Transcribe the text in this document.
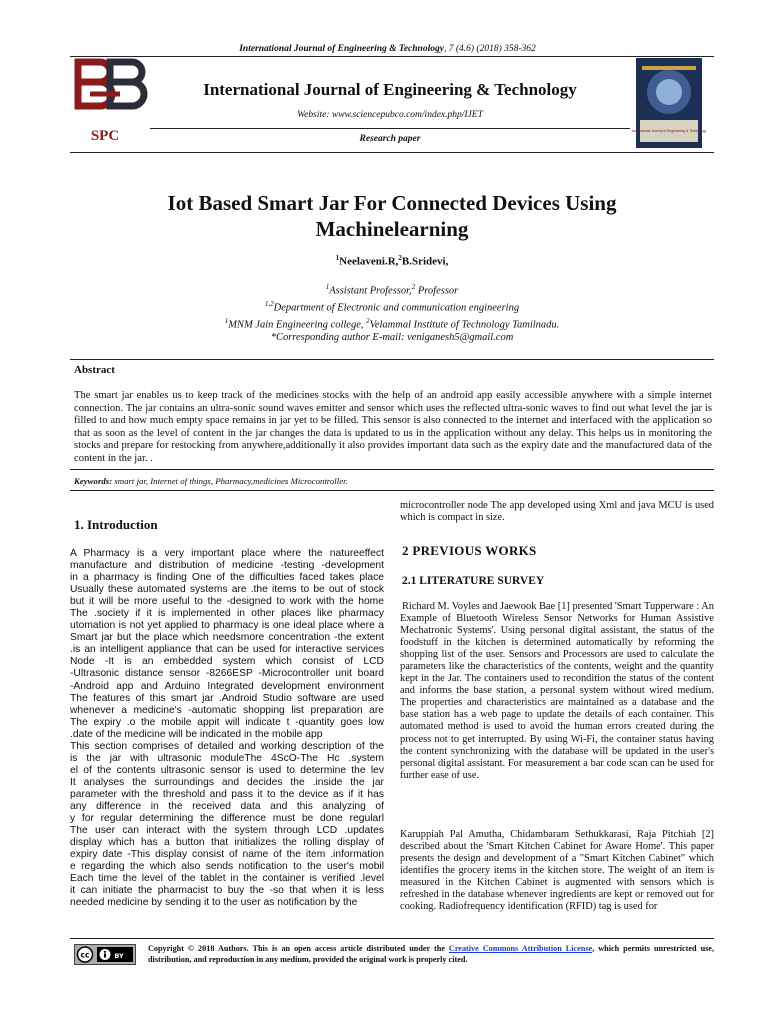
International Journal of Engineering & Technology, 7 (4.6) (2018) 358-362
SPC
International Journal of Engineering & Technology
Website: www.sciencepubco.com/index.php/IJET
Research paper
International Journal of Engineering & Technology
Iot Based Smart Jar For Connected Devices Using
Machinelearning
$^1$Neelaveni.R,$^2$B.Sridevi,
$^1$Assistant Professor,$^2$ Professor
$^{1,2}$Department of Electronic and communication engineering
$^1$MNM Jain Engineering college, $^2$Velammal Institute of Technology Tamilnadu.
*Corresponding author E-mail: veniganesh5@gmail.com
Abstract
The smart jar enables us to keep track of the medicines stocks with the help of an android app easily accessible anywhere with a simple internet connection. The jar contains an ultra-sonic sound waves emitter and sensor which uses the reflected ultra-sonic waves to find out what level the jar is filled to and how much empty space remains in jar yet to be filled. This sensor is also connected to the internet and interfaced with the application so that as soon as the level of content in the jar changes the data is updated to us in the application without any delay. This helps us in monitoring the stocks and prepare for restocking from anywhere,additionally it also provides important data such as the expiry date and the manufactured data of the content in the jar. .
Keywords: smart jar, Internet of things, Pharmacy,medicines Microcontroller.
1. Introduction
A Pharmacy is a very important place where the natureeffect
manufacture and distribution of medicine -testing -development
in a pharmacy is finding One of the difficulties faced takes place
Usually these automated systems are .the items to be out of stock
but it will be more useful to the -designed to work with the home
The .society if it is implemented in other places like pharmacy
utomation is not yet applied to pharmacy is one ideal place where a
Smart jar but the place which needsmore concentration -the extent
.is an intelligent appliance that can be used for interactive services
Node -It is an embedded system which consist of LCD
-Ultrasonic distance sensor -8266ESP -Microcontroller unit board
-Android app and Arduino Integrated development environment
The features of this smart jar .Android Studio software are used
whenever a medicine's -automatic shopping list preparation are
The expiry .o the mobile appit will indicate t -quantity goes low
.date of the medicine will be indicated in the mobile app
This section comprises of detailed and working description of the
is the jar with ultrasonic moduleThe 4ScO-The Hc .system
el of the contents ultrasonic sensor is used to determine the lev
It analyses the surroundings and decides the .inside the jar
parameter with the threshold and pass it to the device as if it has
any difference in the received data and this analyzing of
y for regular determining the difference must be done regularl
The user can interact with the system through LCD .updates
display which has a button that initializes the rolling display of
expiry date -This display consist of name of the item .information
e regarding the which also sends notification to the user's mobil
Each time the level of the tablet in the container is verified .level
it can initiate the pharmacist to buy the -so that when it is less
needed medicine by sending it to the user as notification by the
microcontroller node The app developed using Xml and java MCU is used which is compact in size.
2 PREVIOUS WORKS
2.1 LITERATURE SURVEY
Richard M. Voyles and Jaewook Bae [1] presented 'Smart Tupperware : An Example of Bluetooth Wireless Sensor Networks for Human Assistive Mechatronic Systems'. Using personal digital assistant, the status of the foodstuff in the kitchen is determined automatically by reforming the shopping list of the user. Sensors and Processors are used to calculate the parameters like the characteristics of the contents, weight and the quantity kept in the Jar. The containers used to recondition the status of the content and informs the base station, a personal system without wired medium. The properties and characteristics are maintained as a database and the base station has a web page to update the details of each container. This automated method is used to avoid the human errors created during the process not to get interrupted. By using Wi-Fi, the container status having the content synchronizing with the database will be updated in the user's personal digital assistant. For measurement a bar code scan can be used for further ease of use.
Karuppiah Pal Amutha, Chidambaram Sethukkarasi, Raja Pitchiah [2] described about the 'Smart Kitchen Cabinet for Aware Home'. This paper presents the design and development of a "Smart Kitchen Cabinet" which identifies the grocery items in the kitchen store. The weight of an item is measured in the Kitchen Cabinet is augmented with sensors which is refreshed in the database whenever ingredients are kept or removed out for cooking. Radiofrequency identification (RFID) tag is used for
cc	BY
Copyright © 2018 Authors. This is an open access article distributed under the Creative Commons Attribution License, which permits unrestricted use, distribution, and reproduction in any medium, provided the original work is properly cited.
